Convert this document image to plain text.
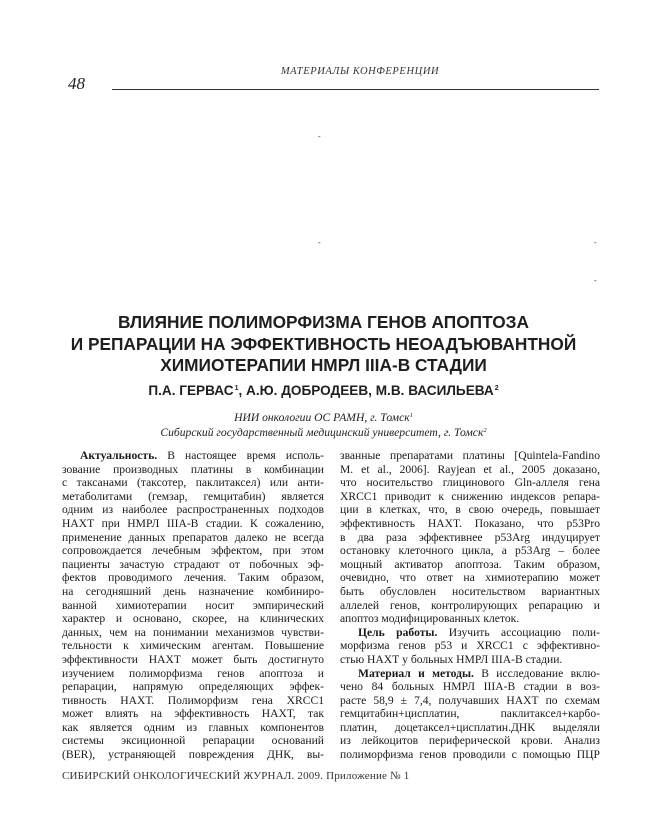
МАТЕРИАЛЫ КОНФЕРЕНЦИИ
48
-
-	-
-
ВЛИЯНИЕ ПОЛИМОРФИЗМА ГЕНОВ АПОПТОЗА
И РЕПАРАЦИИ НА ЭФФЕКТИВНОСТЬ НЕОАДЪЮВАНТНОЙ
ХИМИОТЕРАПИИ НМРЛ IIIA-B СТАДИИ
П.А. ГЕРВАС$^1$, А.Ю. ДОБРОДЕЕВ, М.В. ВАСИЛЬЕВА$^2$
НИИ онкологии ОС РАМН, г. Томск$^1$
Сибирский государственный медицинский университет, г. Томск$^2$
Актуальность. В настоящее время исполь-
зование производных платины в комбинации
с таксанами (таксотер, паклитаксел) или анти-
метаболитами (гемзар, гемцитабин) является
одним из наиболее распространенных подходов
НАХТ при НМРЛ IIIA-B стадии. К сожалению,
применение данных препаратов далеко не всегда
сопровождается лечебным эффектом, при этом
пациенты зачастую страдают от побочных эф-
фектов проводимого лечения. Таким образом,
на сегодняшний день назначение комбиниро-
ванной химиотерапии носит эмпирический
характер и основано, скорее, на клинических
данных, чем на понимании механизмов чувстви-
тельности к химическим агентам. Повышение
эффективности НАХТ может быть достигнуто
изучением полиморфизма генов апоптоза и
репарации, напрямую определяющих эффек-
тивность НАХТ. Полиморфизм гена XRCC1
может влиять на эффективность НАХТ, так
как является одним из главных компонентов
системы эксиционной репарации оснований
(BER), устраняющей повреждения ДНК, вы-
званные препаратами платины [Quintela-Fandino
M. et al., 2006]. Rayjean et al., 2005 доказано,
что носительство глицинового Gln-аллеля гена
XRCC1 приводит к снижению индексов репара-
ции в клетках, что, в свою очередь, повышает
эффективность НАХТ. Показано, что p53Pro
в два раза эффективнее p53Arg индуцирует
остановку клеточного цикла, а p53Arg – более
мощный активатор апоптоза. Таким образом,
очевидно, что ответ на химиотерапию может
быть обусловлен носительством вариантных
аллелей генов, контролирующих репарацию и
апоптоз модифицированных клеток.
Цель работы. Изучить ассоциацию поли-
морфизма генов p53 и XRCC1 с эффективно-
стью НАХТ у больных НМРЛ IIIA-B стадии.
Материал и методы. В исследование вклю-
чено 84 больных НМРЛ IIIA-B стадии в воз-
расте 58,9 ± 7,4, получавших НАХТ по схемам
гемцитабин+цисплатин, паклитаксел+карбо-
платин, доцетаксел+цисплатин.ДНК выделяли
из лейкоцитов периферической крови. Анализ
полиморфизма генов проводили с помощью ПЦР
СИБИРСКИЙ ОНКОЛОГИЧЕСКИЙ ЖУРНАЛ. 2009. Приложение № 1
